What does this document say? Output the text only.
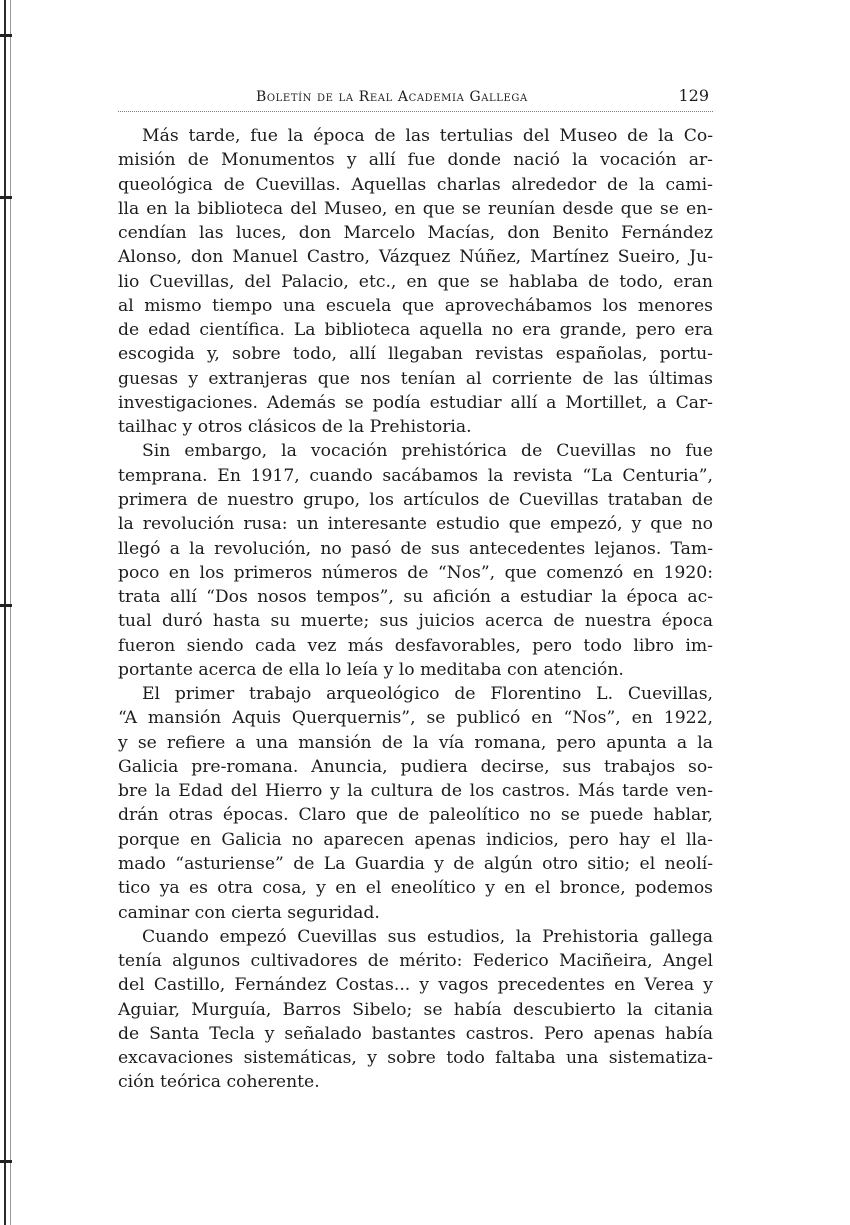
Boletín de la Real Academia Gallega	129
Más tarde, fue la época de las tertulias del Museo de la Co-
misión de Monumentos y allí fue donde nació la vocación ar-
queológica de Cuevillas. Aquellas charlas alrededor de la cami-
lla en la biblioteca del Museo, en que se reunían desde que se en-
cendían las luces, don Marcelo Macías, don Benito Fernández
Alonso, don Manuel Castro, Vázquez Núñez, Martínez Sueiro, Ju-
lio Cuevillas, del Palacio, etc., en que se hablaba de todo, eran
al mismo tiempo una escuela que aprovechábamos los menores
de edad científica. La biblioteca aquella no era grande, pero era
escogida y, sobre todo, allí llegaban revistas españolas, portu-
guesas y extranjeras que nos tenían al corriente de las últimas
investigaciones. Además se podía estudiar allí a Mortillet, a Car-
tailhac y otros clásicos de la Prehistoria.
Sin embargo, la vocación prehistórica de Cuevillas no fue
temprana. En 1917, cuando sacábamos la revista “La Centuria”,
primera de nuestro grupo, los artículos de Cuevillas trataban de
la revolución rusa: un interesante estudio que empezó, y que no
llegó a la revolución, no pasó de sus antecedentes lejanos. Tam-
poco en los primeros números de “Nos”, que comenzó en 1920:
trata allí “Dos nosos tempos”, su afición a estudiar la época ac-
tual duró hasta su muerte; sus juicios acerca de nuestra época
fueron siendo cada vez más desfavorables, pero todo libro im-
portante acerca de ella lo leía y lo meditaba con atención.
El primer trabajo arqueológico de Florentino L. Cuevillas,
“A mansión Aquis Querquernis”, se publicó en “Nos”, en 1922,
y se refiere a una mansión de la vía romana, pero apunta a la
Galicia pre-romana. Anuncia, pudiera decirse, sus trabajos so-
bre la Edad del Hierro y la cultura de los castros. Más tarde ven-
drán otras épocas. Claro que de paleolítico no se puede hablar,
porque en Galicia no aparecen apenas indicios, pero hay el lla-
mado “asturiense” de La Guardia y de algún otro sitio; el neolí-
tico ya es otra cosa, y en el eneolítico y en el bronce, podemos
caminar con cierta seguridad.
Cuando empezó Cuevillas sus estudios, la Prehistoria gallega
tenía algunos cultivadores de mérito: Federico Maciñeira, Angel
del Castillo, Fernández Costas... y vagos precedentes en Verea y
Aguiar, Murguía, Barros Sibelo; se había descubierto la citania
de Santa Tecla y señalado bastantes castros. Pero apenas había
excavaciones sistemáticas, y sobre todo faltaba una sistematiza-
ción teórica coherente.
